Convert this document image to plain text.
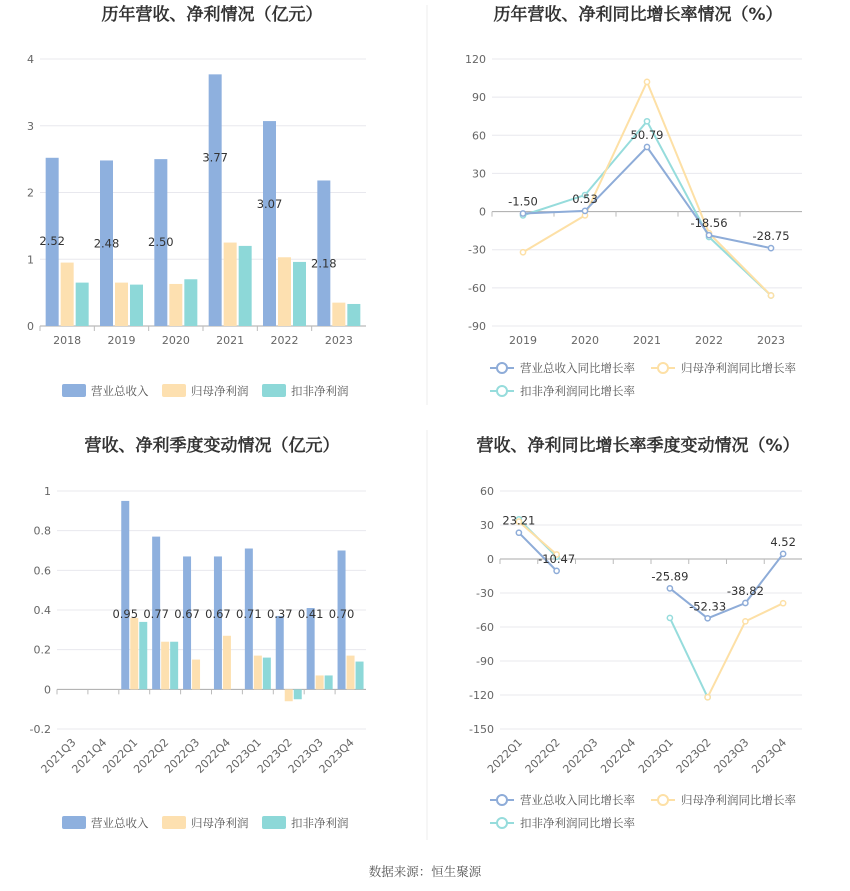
历年营收、净利情况（亿元）
0
1
2
3
4
2018 2019 2020 2021 2022 2023
2.52 2.48 2.50
3.77
3.07
2.18
营业总收入	归母净利润	扣非净利润
历年营收、净利同比增长率情况（%）
-90
-60
-30
0
30
60
90
120
2019	2020	2021	2022	2023
-1.50	0.53
50.79
-18.56
-28.75
营业总收入同比增长率	归母净利润同比增长率
扣非净利润同比增长率
营收、净利季度变动情况（亿元）
-0.2
0
0.2
0.4
0.6
0.8
1
2021Q3
2021Q4
2022Q1
2022Q2
2022Q3
2022Q4
2023Q1
2023Q2
2023Q3
2023Q4
0.95 0.77 0.67 0.67 0.71 0.37 0.41 0.70
营业总收入	归母净利润	扣非净利润
营收、净利同比增长率季度变动情况（%）
-150
-120
-90
-60
-30
0
30
60
2022Q1
2022Q2
2022Q3
2022Q4
2023Q1
2023Q2
2023Q3
2023Q4
23.21
-10.47
-25.89
-52.33
-38.82
4.52
营业总收入同比增长率	归母净利润同比增长率
扣非净利润同比增长率
数据来源：恒生聚源
